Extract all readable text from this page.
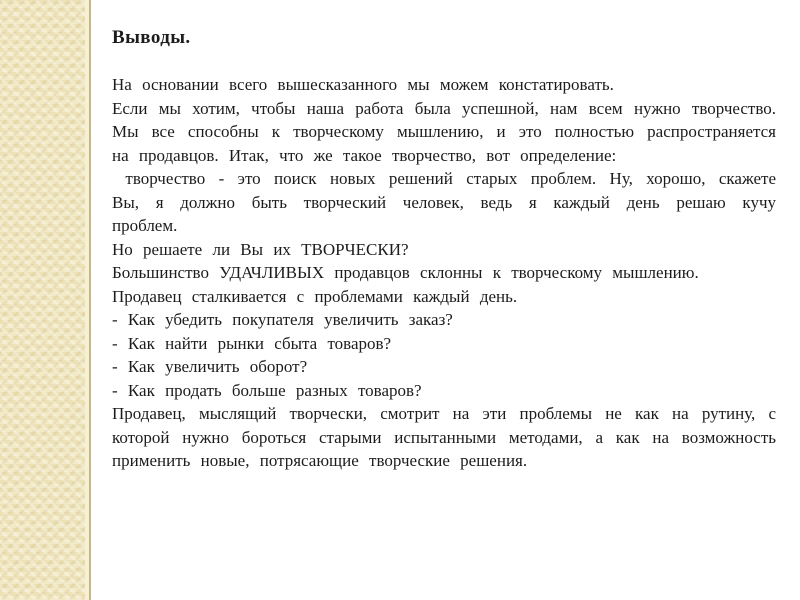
Выводы.

На основании всего вышесказанного мы можем констатировать.

Если мы хотим, чтобы наша работа была успешной, нам всем нужно творчество. Мы все способны к творческому мышлению, и это полностью распространяется на продавцов. Итак, что же такое творчество, вот определение:

творчество - это поиск новых решений старых проблем. Ну, хорошо, скажете Вы, я должно быть творческий человек, ведь я каждый день решаю кучу проблем.

Но решаете ли Вы их ТВОРЧЕСКИ?

Большинство УДАЧЛИВЫХ продавцов склонны к творческому мышлению.

Продавец сталкивается с проблемами каждый день.

- Как убедить покупателя увеличить заказ?

- Как найти рынки сбыта товаров?

- Как увеличить оборот?

- Как продать больше разных товаров?

Продавец, мыслящий творчески, смотрит на эти проблемы не как на рутину, с которой нужно бороться старыми испытанными методами, а как на возможность применить новые, потрясающие творческие решения.
